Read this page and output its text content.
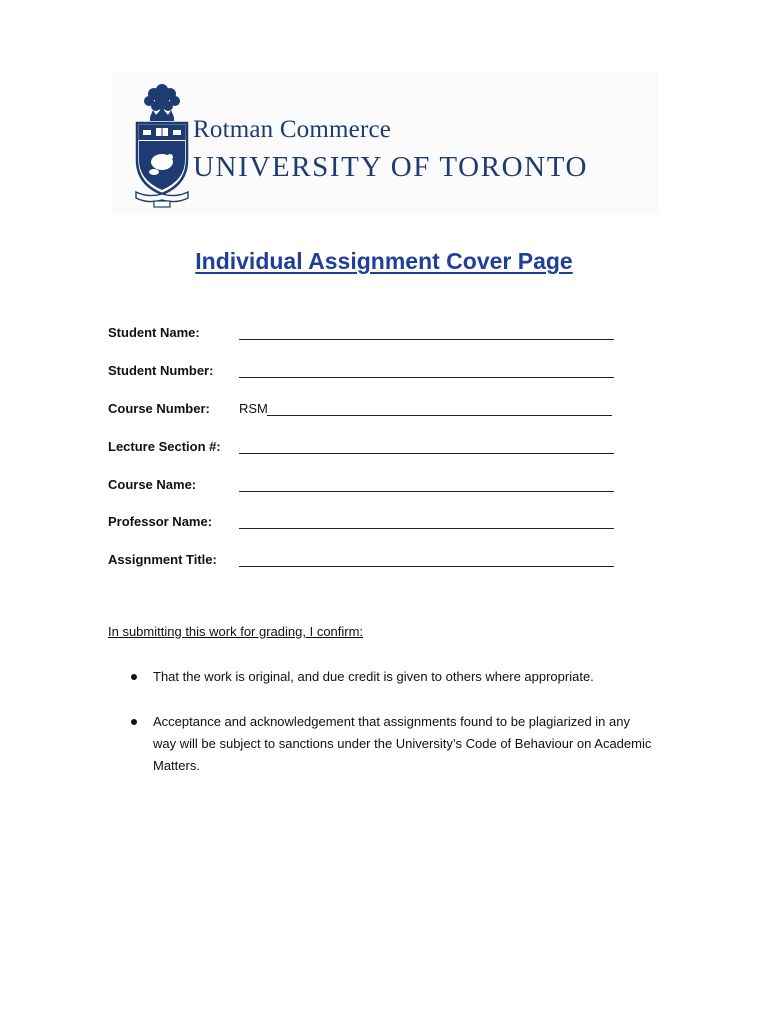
Rotman Commerce
UNIVERSITY OF TORONTO
Individual Assignment Cover Page
Student Name:
Student Number:
Course Number: RSM
Lecture Section #:
Course Name:
Professor Name:
Assignment Title:
In submitting this work for grading, I confirm:
That the work is original, and due credit is given to others where appropriate.
Acceptance and acknowledgement that assignments found to be plagiarized in any way will be subject to sanctions under the University’s Code of Behaviour on Academic Matters.
